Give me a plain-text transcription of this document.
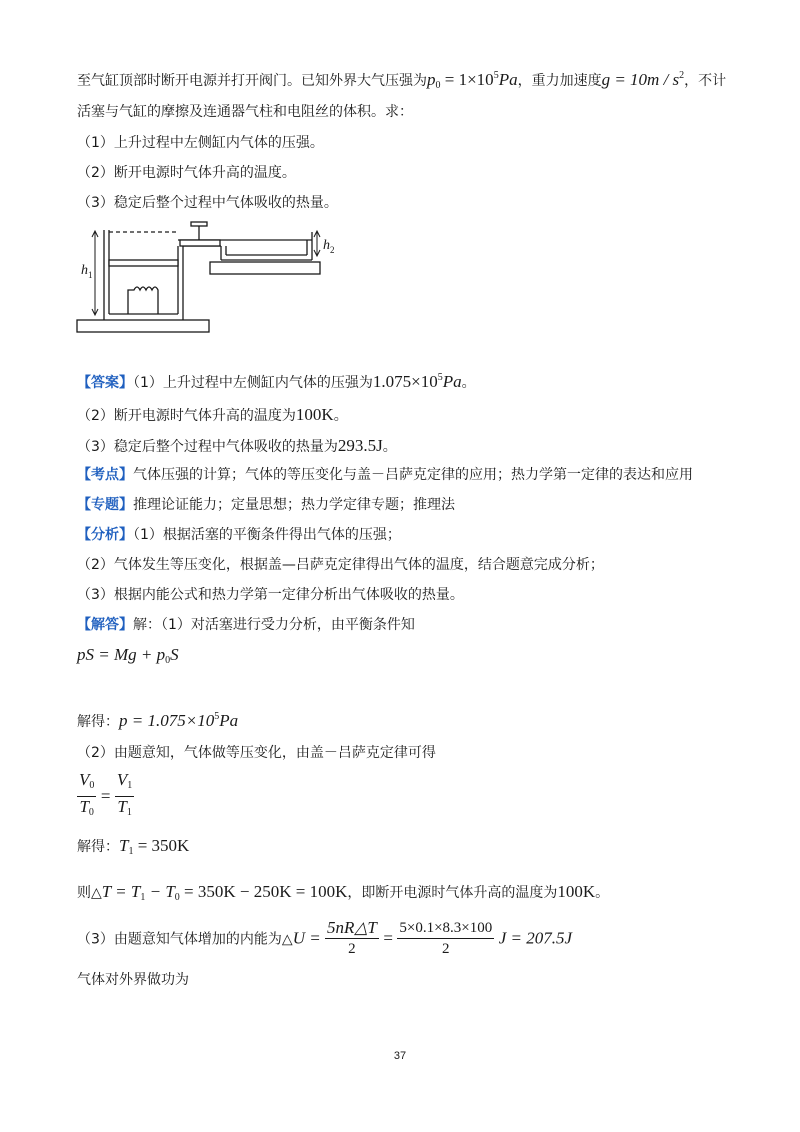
至气缸顶部时断开电源并打开阀门。已知外界大气压强为$p_0 = 1\times 10^5Pa$，重力加速度$g = 10m / s^2$，不计
活塞与气缸的摩擦及连通器气柱和电阻丝的体积。求：
（1）上升过程中左侧缸内气体的压强。
（2）断开电源时气体升高的温度。
（3）稳定后整个过程中气体吸收的热量。
h 1
h 2
【答案】（1）上升过程中左侧缸内气体的压强为$1.075\times 10^5Pa$。
（2）断开电源时气体升高的温度为100K。
（3）稳定后整个过程中气体吸收的热量为293.5J。
【考点】气体压强的计算；气体的等压变化与盖－吕萨克定律的应用；热力学第一定律的表达和应用
【专题】推理论证能力；定量思想；热力学定律专题；推理法
【分析】（1）根据活塞的平衡条件得出气体的压强；
（2）气体发生等压变化，根据盖—吕萨克定律得出气体的温度，结合题意完成分析；
（3）根据内能公式和热力学第一定律分析出气体吸收的热量。
【解答】解：（1）对活塞进行受力分析，由平衡条件知
pS = $Mg + p_0S$
解得：$p = 1.075\times 10^5Pa$
（2）由题意知，气体做等压变化，由盖－吕萨克定律可得
$\frac{V_0}{T_0} = \frac{V_1}{T_1}$
解得：$T_1 = 350K$
则△T = $T_1 - T_0 = 350K - 250K = 100K$，即断开电源时气体升高的温度为100K。
（3）由题意知气体增加的内能为△U = $\frac{5nR\triangle T}{2} = \frac{5\times 0.1\times 8.3\times 100}{2}$ J = 207.5J
气体对外界做功为
37
